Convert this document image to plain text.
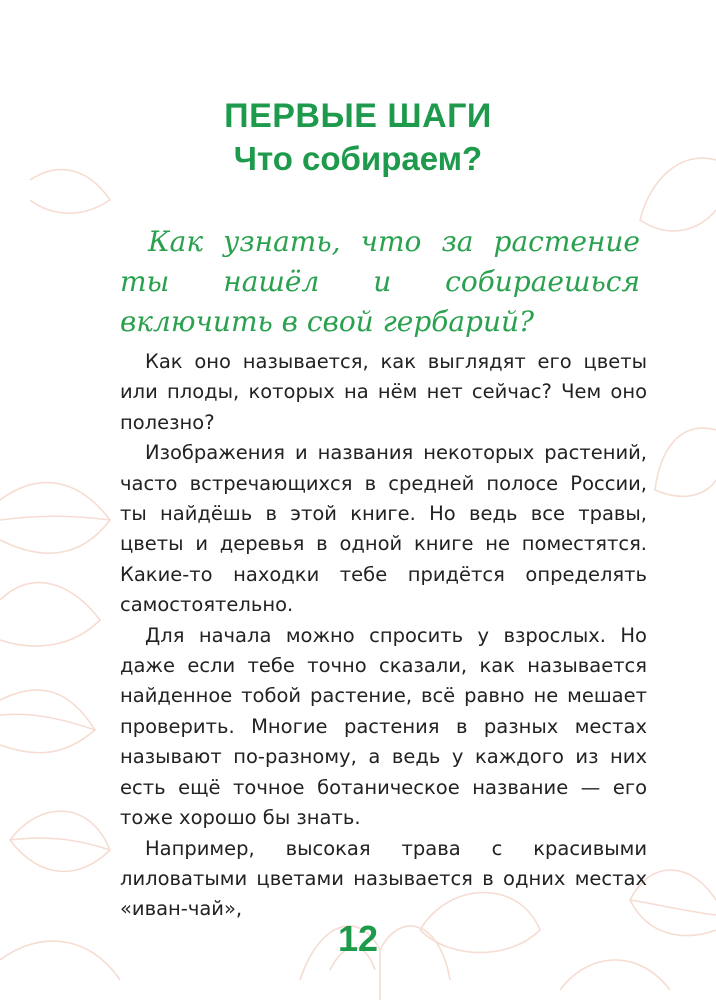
ПЕРВЫЕ ШАГИ
Что собираем?
Как узнать, что за растение ты нашёл и собираешься включить в свой гербарий?

Как оно называется, как выглядят его цветы или плоды, которых на нём нет сейчас? Чем оно полезно?

Изображения и названия некоторых растений, часто встречающихся в средней полосе России, ты найдёшь в этой книге. Но ведь все травы, цветы и деревья в одной книге не поместятся. Какие-то находки тебе придётся определять самостоятельно.

Для начала можно спросить у взрослых. Но даже если тебе точно сказали, как называется найденное тобой растение, всё равно не мешает проверить. Многие растения в разных местах называют по-разному, а ведь у каждого из них есть ещё точное ботаническое название — его тоже хорошо бы знать.

Например, высокая трава с красивыми лиловатыми цветами называется в одних местах «иван-чай»,

12
